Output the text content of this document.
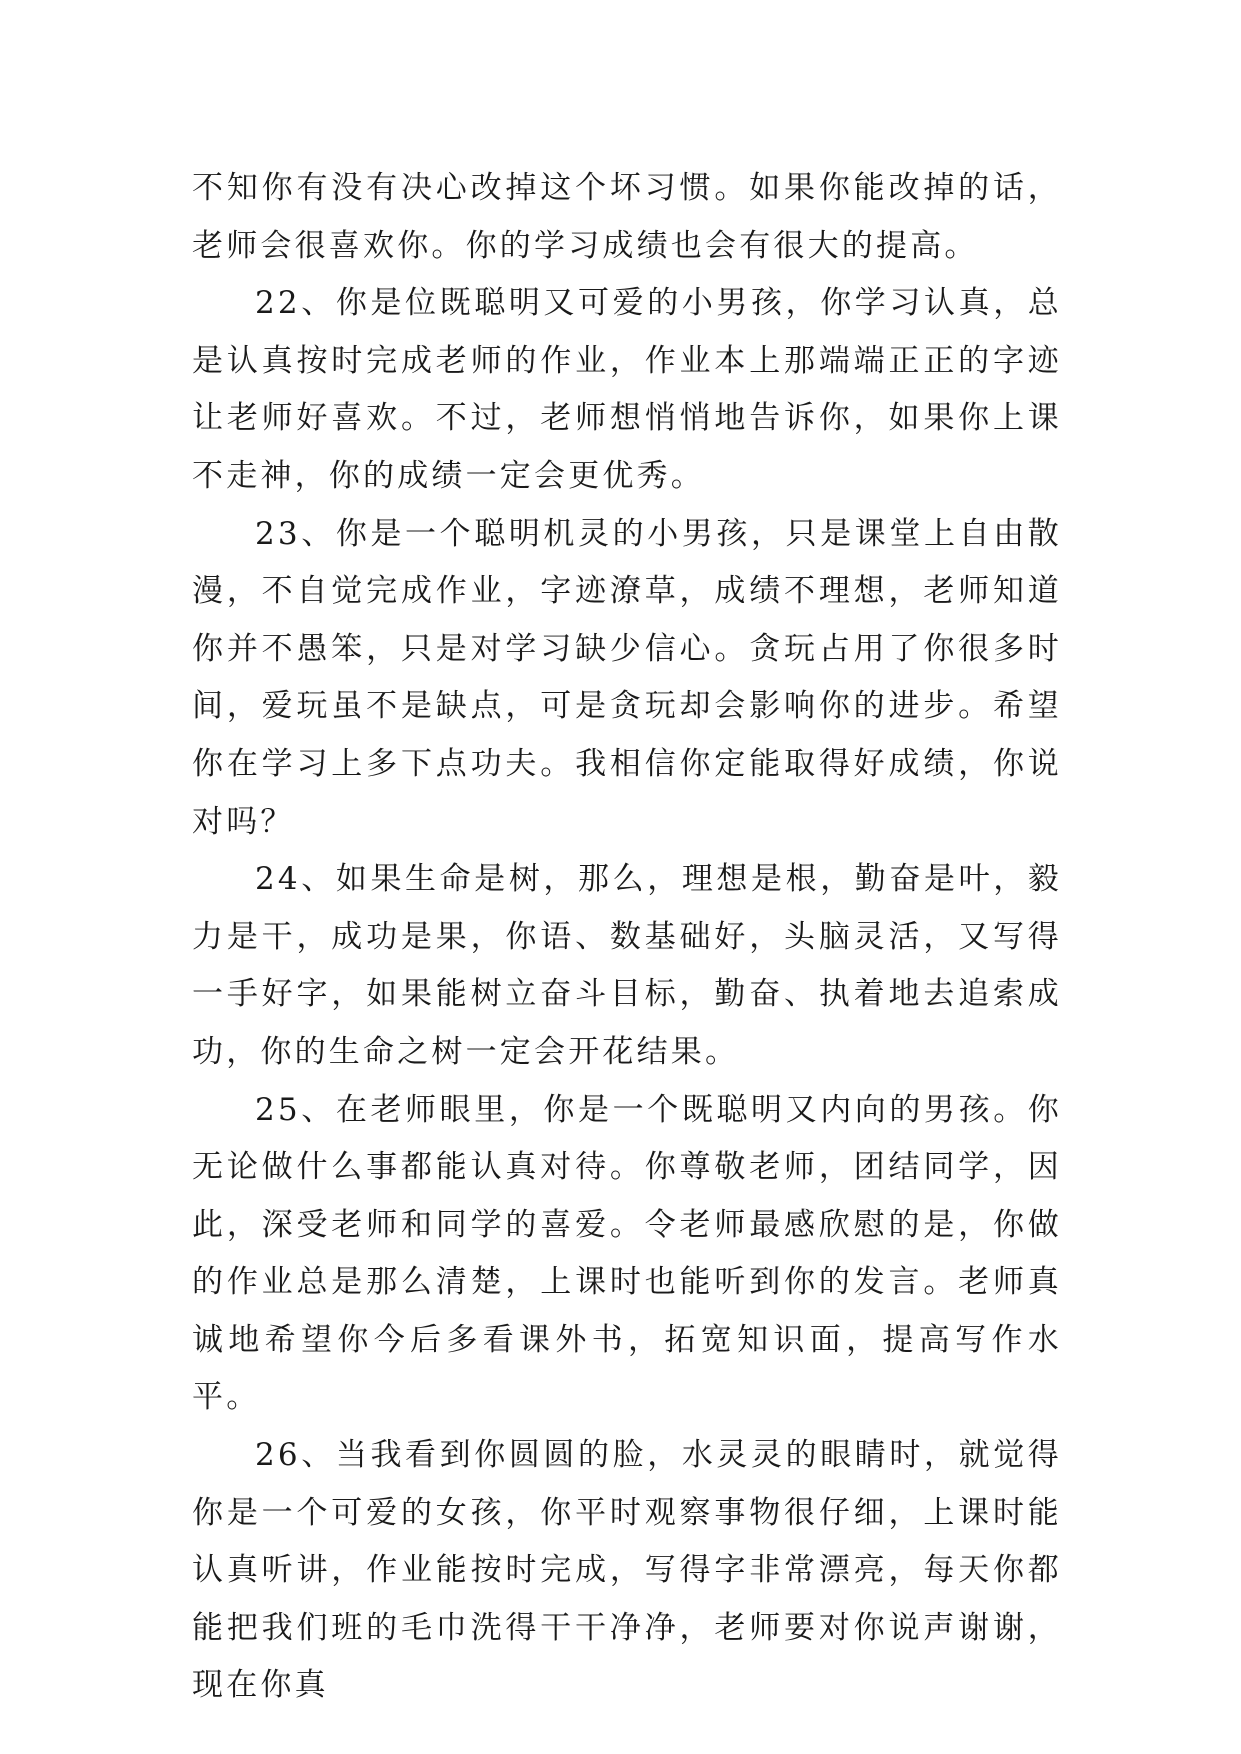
不知你有没有决心改掉这个坏习惯。如果你能改掉的话，老师会很喜欢你。你的学习成绩也会有很大的提高。

22、你是位既聪明又可爱的小男孩，你学习认真，总是认真按时完成老师的作业，作业本上那端端正正的字迹让老师好喜欢。不过，老师想悄悄地告诉你，如果你上课不走神，你的成绩一定会更优秀。

23、你是一个聪明机灵的小男孩，只是课堂上自由散漫，不自觉完成作业，字迹潦草，成绩不理想，老师知道你并不愚笨，只是对学习缺少信心。贪玩占用了你很多时间，爱玩虽不是缺点，可是贪玩却会影响你的进步。希望你在学习上多下点功夫。我相信你定能取得好成绩，你说对吗？

24、如果生命是树，那么，理想是根，勤奋是叶，毅力是干，成功是果，你语、数基础好，头脑灵活，又写得一手好字，如果能树立奋斗目标，勤奋、执着地去追索成功，你的生命之树一定会开花结果。

25、在老师眼里，你是一个既聪明又内向的男孩。你无论做什么事都能认真对待。你尊敬老师，团结同学，因此，深受老师和同学的喜爱。令老师最感欣慰的是，你做的作业总是那么清楚，上课时也能听到你的发言。老师真诚地希望你今后多看课外书，拓宽知识面，提高写作水平。

26、当我看到你圆圆的脸，水灵灵的眼睛时，就觉得你是一个可爱的女孩，你平时观察事物很仔细，上课时能认真听讲，作业能按时完成，写得字非常漂亮，每天你都能把我们班的毛巾洗得干干净净，老师要对你说声谢谢，现在你真
